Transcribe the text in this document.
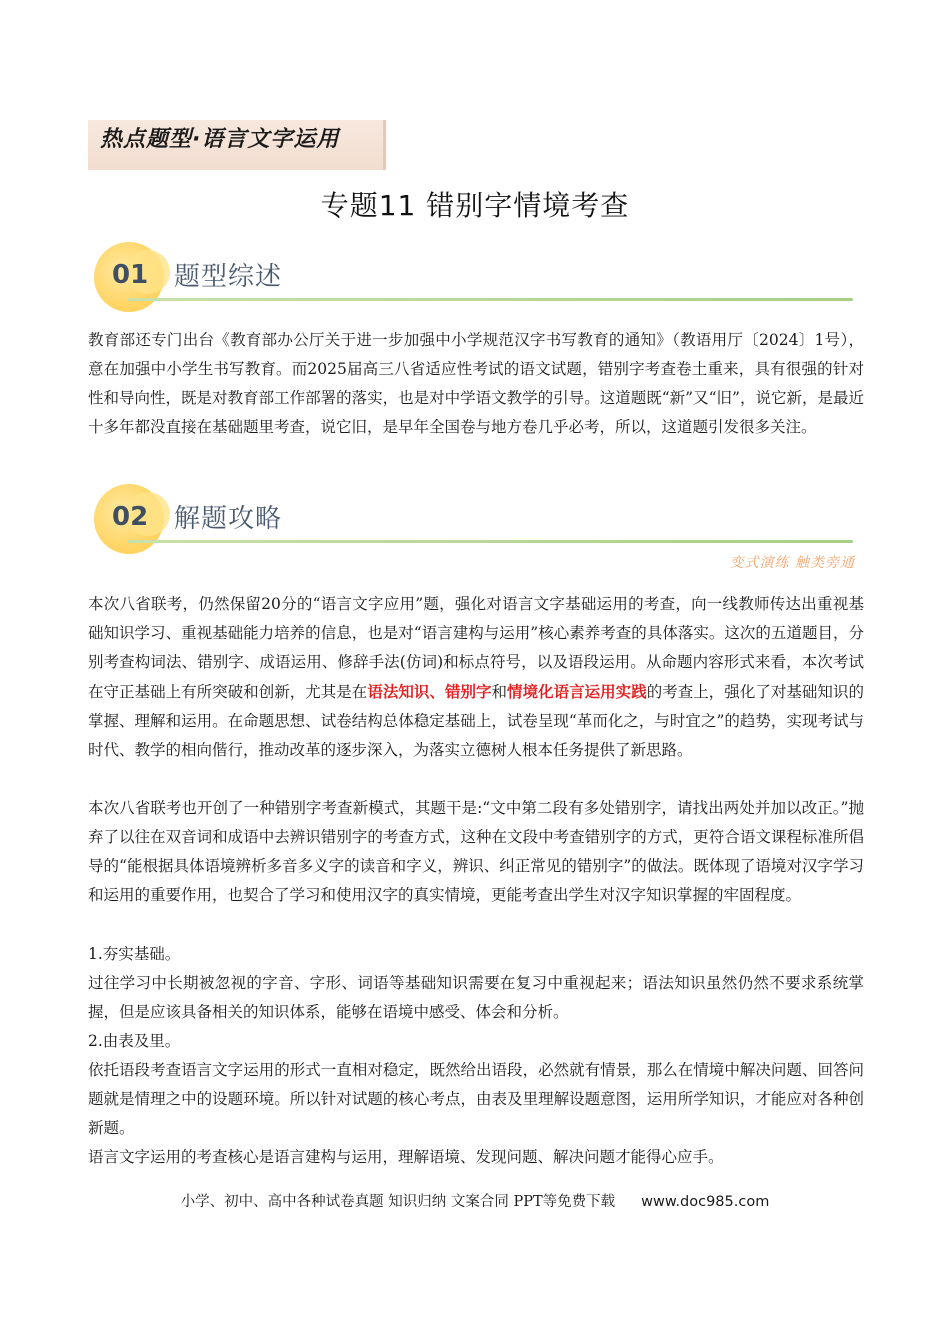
热点题型·语言文字运用
专题11 错别字情境考查
01 题型综述

教育部还专门出台《教育部办公厅关于进一步加强中小学规范汉字书写教育的通知》（教语用厅〔2024〕1号），意在加强中小学生书写教育。而2025届高三八省适应性考试的语文试题，错别字考查卷土重来，具有很强的针对性和导向性，既是对教育部工作部署的落实，也是对中学语文教学的引导。这道题既“新”又“旧”，说它新，是最近十多年都没直接在基础题里考查，说它旧，是早年全国卷与地方卷几乎必考，所以，这道题引发很多关注。

02 解题攻略
变式演练 触类旁通

本次八省联考，仍然保留20分的“语言文字应用”题，强化对语言文字基础运用的考查，向一线教师传达出重视基础知识学习、重视基础能力培养的信息，也是对“语言建构与运用”核心素养考查的具体落实。这次的五道题目，分别考查构词法、错别字、成语运用、修辞手法(仿词)和标点符号，以及语段运用。从命题内容形式来看，本次考试在守正基础上有所突破和创新，尤其是在语法知识、错别字和情境化语言运用实践的考查上，强化了对基础知识的掌握、理解和运用。在命题思想、试卷结构总体稳定基础上，试卷呈现“革而化之，与时宜之”的趋势，实现考试与时代、教学的相向偕行，推动改革的逐步深入，为落实立德树人根本任务提供了新思路。

本次八省联考也开创了一种错别字考查新模式，其题干是:“文中第二段有多处错别字，请找出两处并加以改正。”抛弃了以往在双音词和成语中去辨识错别字的考查方式，这种在文段中考查错别字的方式，更符合语文课程标准所倡导的“能根据具体语境辨析多音多义字的读音和字义，辨识、纠正常见的错别字”的做法。既体现了语境对汉字学习和运用的重要作用，也契合了学习和使用汉字的真实情境，更能考查出学生对汉字知识掌握的牢固程度。

1.夯实基础。

过往学习中长期被忽视的字音、字形、词语等基础知识需要在复习中重视起来；语法知识虽然仍然不要求系统掌握，但是应该具备相关的知识体系，能够在语境中感受、体会和分析。

2.由表及里。

依托语段考查语言文字运用的形式一直相对稳定，既然给出语段，必然就有情景，那么在情境中解决问题、回答问题就是情理之中的设题环境。所以针对试题的核心考点，由表及里理解设题意图，运用所学知识，才能应对各种创新题。

语言文字运用的考查核心是语言建构与运用，理解语境、发现问题、解决问题才能得心应手。

小学、初中、高中各种试卷真题 知识归纳 文案合同 PPT等免费下载 www.doc985.com
